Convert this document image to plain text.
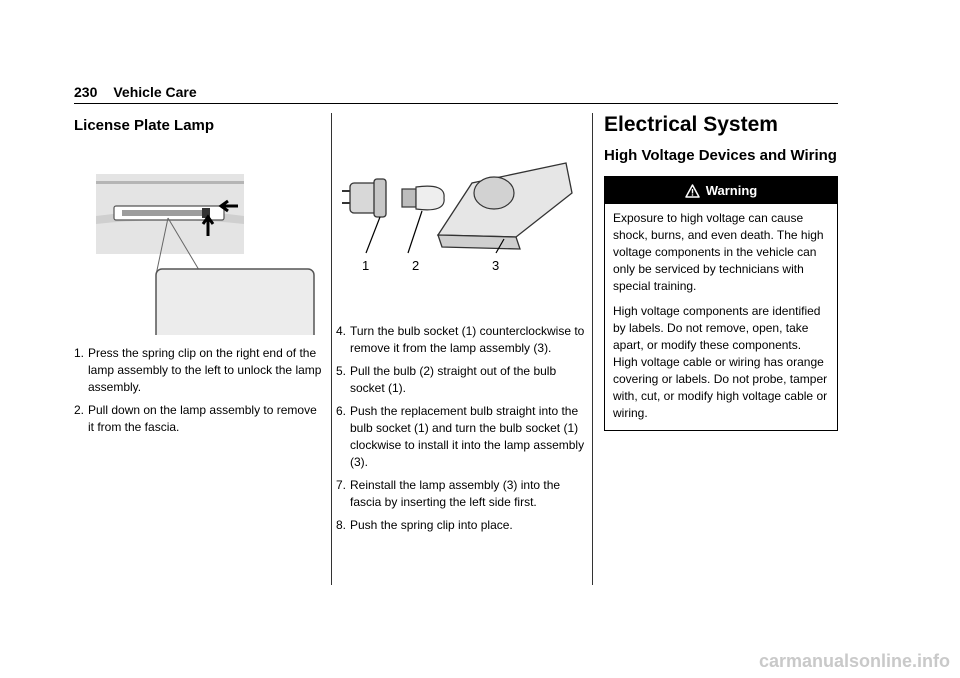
230 Vehicle Care
License Plate Lamp
1. Press the spring clip on the right end of the lamp assembly to the left to unlock the lamp assembly.
2. Pull down on the lamp assembly to remove it from the fascia.
1	2	3
4. Turn the bulb socket (1) counterclockwise to remove it from the lamp assembly (3).
5. Pull the bulb (2) straight out of the bulb socket (1).
6. Push the replacement bulb straight into the bulb socket (1) and turn the bulb socket (1) clockwise to install it into the lamp assembly (3).
7. Reinstall the lamp assembly (3) into the fascia by inserting the left side first.
8. Push the spring clip into place.
Electrical System
High Voltage Devices and Wiring
Warning

Exposure to high voltage can cause shock, burns, and even death. The high voltage components in the vehicle can only be serviced by technicians with special training.

High voltage components are identified by labels. Do not remove, open, take apart, or modify these components. High voltage cable or wiring has orange covering or labels. Do not probe, tamper with, cut, or modify high voltage cable or wiring.

carmanualsonline.info
